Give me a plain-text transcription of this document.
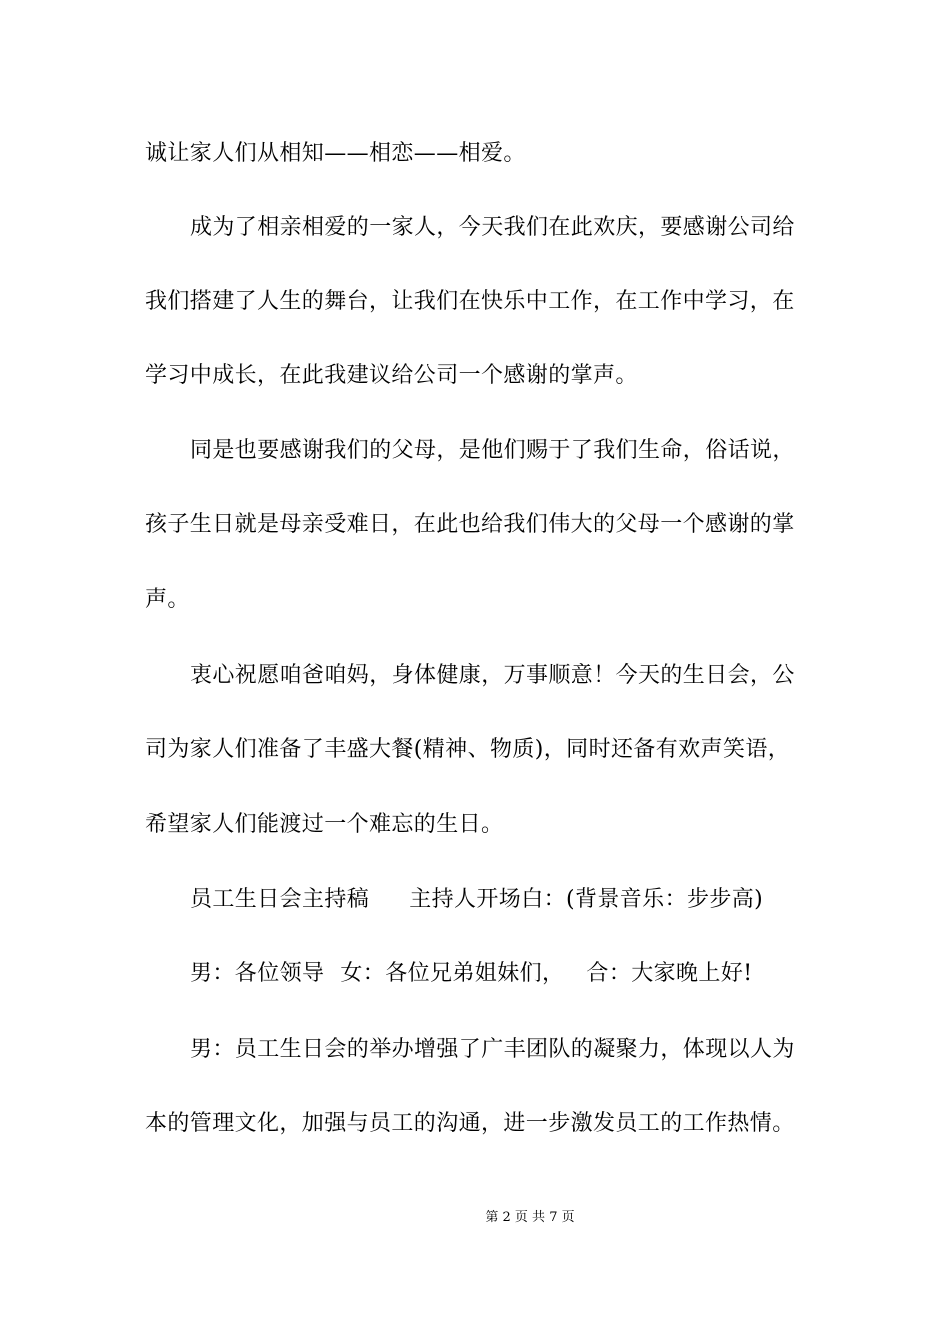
诚让家人们从相知——相恋——相爱。
成为了相亲相爱的一家人，今天我们在此欢庆，要感谢公司给
我们搭建了人生的舞台，让我们在快乐中工作，在工作中学习，在
学习中成长，在此我建议给公司一个感谢的掌声。
同是也要感谢我们的父母，是他们赐于了我们生命，俗话说，
孩子生日就是母亲受难日，在此也给我们伟大的父母一个感谢的掌
声。
衷心祝愿咱爸咱妈，身体健康，万事顺意！今天的生日会，公
司为家人们准备了丰盛大餐(精神、物质)，同时还备有欢声笑语，
希望家人们能渡过一个难忘的生日。
员工生日会主持稿 主持人开场白：(背景音乐：步步高)
男：各位领导 女：各位兄弟姐妹们， 合：大家晚上好!
男：员工生日会的举办增强了广丰团队的凝聚力，体现以人为
本的管理文化，加强与员工的沟通，进一步激发员工的工作热情。
第 2 页 共 7 页
